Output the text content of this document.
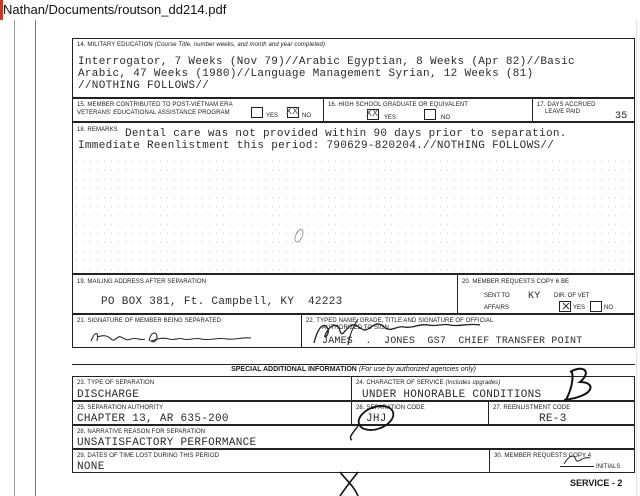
Nathan/Documents/routson_dd214.pdf
14. MILITARY EDUCATION (Course Title, number weeks, and month and year completed)
Interrogator, 7 Weeks (Nov 79)//Arabic Egyptian, 8 Weeks (Apr 82)//Basic
Arabic, 47 Weeks (1980)//Language Management Syrian, 12 Weeks (81)
//NOTHING FOLLOWS//
15. MEMBER CONTRIBUTED TO POST-VIETNAM ERA
VETERANS' EDUCATIONAL ASSISTANCE PROGRAM	YES XX NO
16. HIGH SCHOOL GRADUATE OR EQUIVALENT
XX YES	NO
17. DAYS ACCRUED
LEAVE PAID	35
18. REMARKS Dental care was not provided within 90 days prior to separation.
Immediate Reenlistment this period: 790629-820204.//NOTHING FOLLOWS//
19. MAILING ADDRESS AFTER SEPARATION
PO BOX 381, Ft. Campbell, KY  42223
20. MEMBER REQUESTS COPY 6 BE
SENT TO KY DIR. OF VET
AFFAIRS	YES	NO
21. SIGNATURE OF MEMBER BEING SEPARATED	22. TYPED NAME, GRADE, TITLE AND SIGNATURE OF OFFICIAL
AUTHORIZED TO SIGN
JAMES  .  JONES  GS7  CHIEF TRANSFER POINT
SPECIAL ADDITIONAL INFORMATION (For use by authorized agencies only)
23. TYPE OF SEPARATION
DISCHARGE
24. CHARACTER OF SERVICE (Includes upgrades)
UNDER HONORABLE CONDITIONS
25. SEPARATION AUTHORITY
CHAPTER 13, AR 635-200
26. SEPARATION CODE
JHJ
27. REENLISTMENT CODE
RE-3
28. NARRATIVE REASON FOR SEPARATION
UNSATISFACTORY PERFORMANCE
29. DATES OF TIME LOST DURING THIS PERIOD
NONE
30. MEMBER REQUESTS COPY 4
INITIALS
SERVICE - 2
